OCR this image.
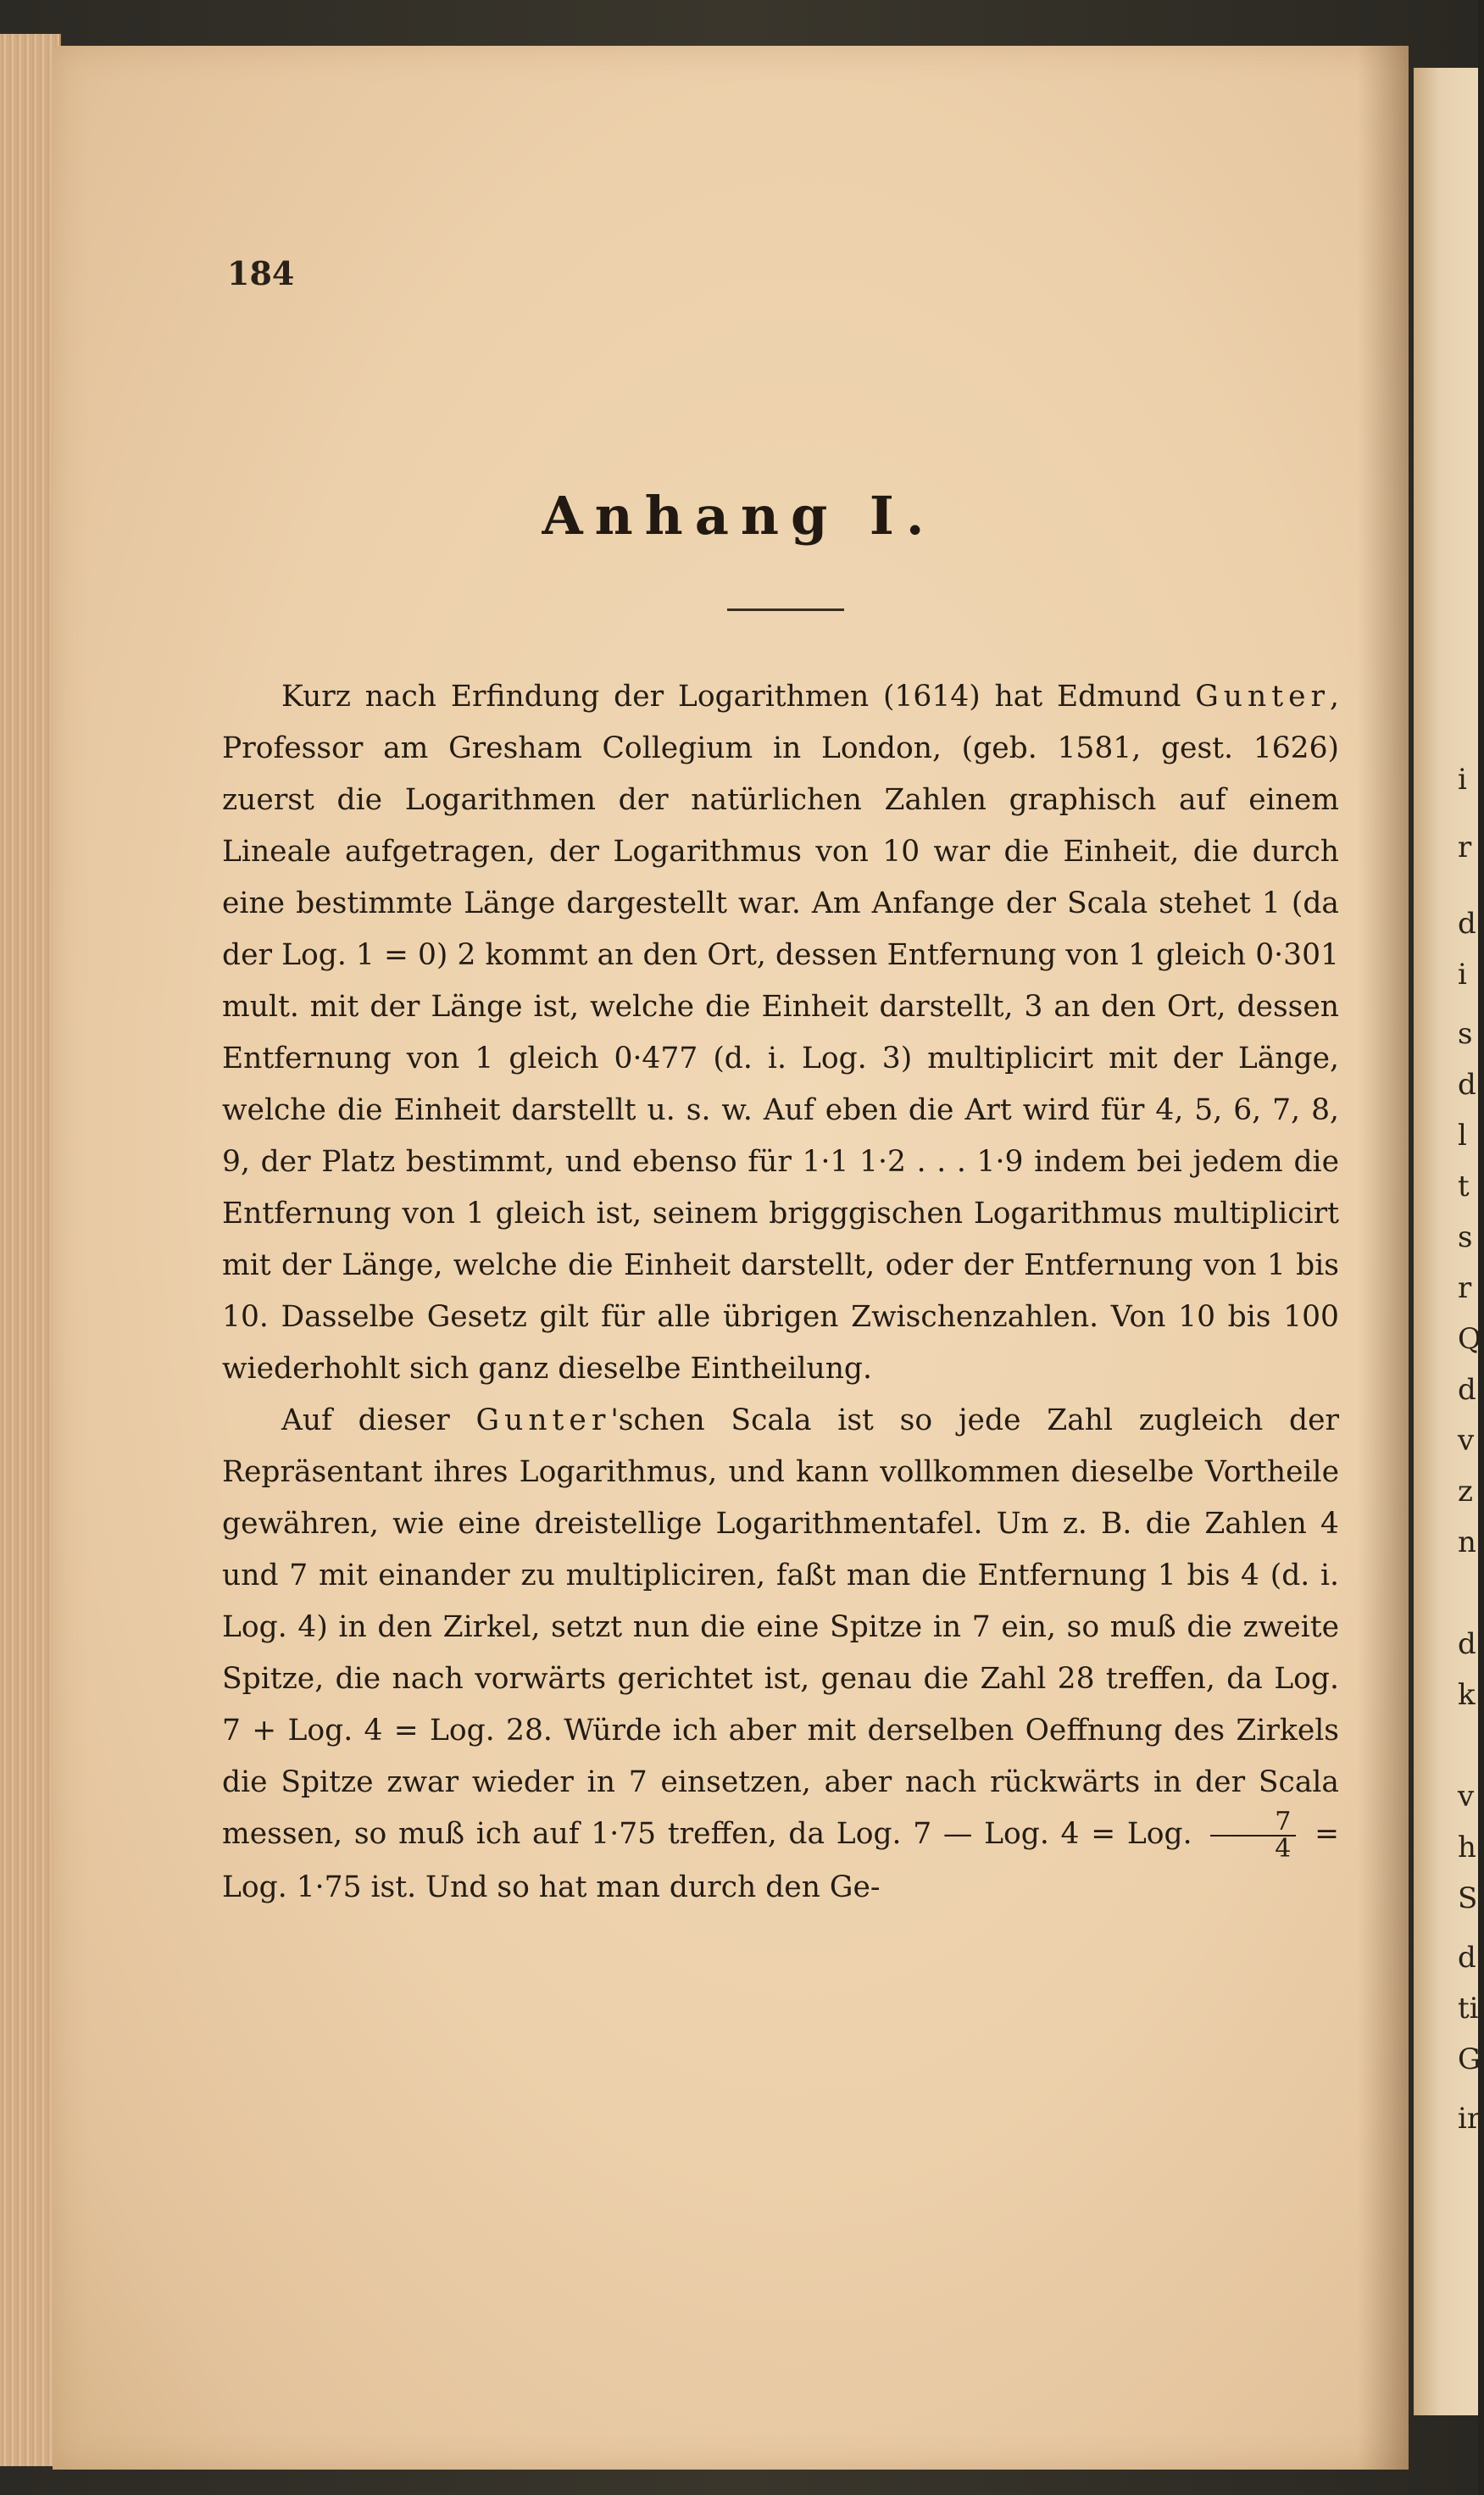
i
r
d
i
s
d
l
t
s
r
Q
d
v
z
n
d
k.
v
h
S
d
ti
G
ir
184
Anhang I.

Kurz nach Erfindung der Logarithmen (1614) hat Edmund Gunter, Professor am Gresham Collegium in London, (geb. 1581, gest. 1626) zuerst die Logarithmen der natürlichen Zahlen graphisch auf einem Lineale aufgetragen, der Logarithmus von 10 war die Einheit, die durch eine bestimmte Länge dargestellt war. Am Anfange der Scala stehet 1 (da der Log. 1 = 0) 2 kommt an den Ort, dessen Entfernung von 1 gleich 0·301 mult. mit der Länge ist, welche die Einheit darstellt, 3 an den Ort, dessen Entfernung von 1 gleich 0·477 (d. i. Log. 3) multiplicirt mit der Länge, welche die Einheit darstellt u. s. w. Auf eben die Art wird für 4, 5, 6, 7, 8, 9, der Platz bestimmt, und ebenso für 1·1 1·2 . . . 1·9 indem bei jedem die Entfernung von 1 gleich ist, seinem brigggischen Logarithmus multiplicirt mit der Länge, welche die Einheit darstellt, oder der Entfernung von 1 bis 10. Dasselbe Gesetz gilt für alle übrigen Zwischenzahlen. Von 10 bis 100 wiederhohlt sich ganz dieselbe Eintheilung.

Auf dieser Gunter'schen Scala ist so jede Zahl zugleich der Repräsentant ihres Logarithmus, und kann vollkommen dieselbe Vortheile gewähren, wie eine dreistellige Logarithmentafel. Um z. B. die Zahlen 4 und 7 mit einander zu multipliciren, faßt man die Entfernung 1 bis 4 (d. i. Log. 4) in den Zirkel, setzt nun die eine Spitze in 7 ein, so muß die zweite Spitze, die nach vorwärts gerichtet ist, genau die Zahl 28 treffen, da Log. 7 + Log. 4 = Log. 28. Würde ich aber mit derselben Oeffnung des Zirkels die Spitze zwar wieder in 7 einsetzen, aber nach rückwärts in der Scala messen, so muß ich auf 1·75 treffen, da Log. 7 — Log. 4 = Log. $\frac{7}{4}$ = Log. 1·75 ist. Und so hat man durch den Ge-
